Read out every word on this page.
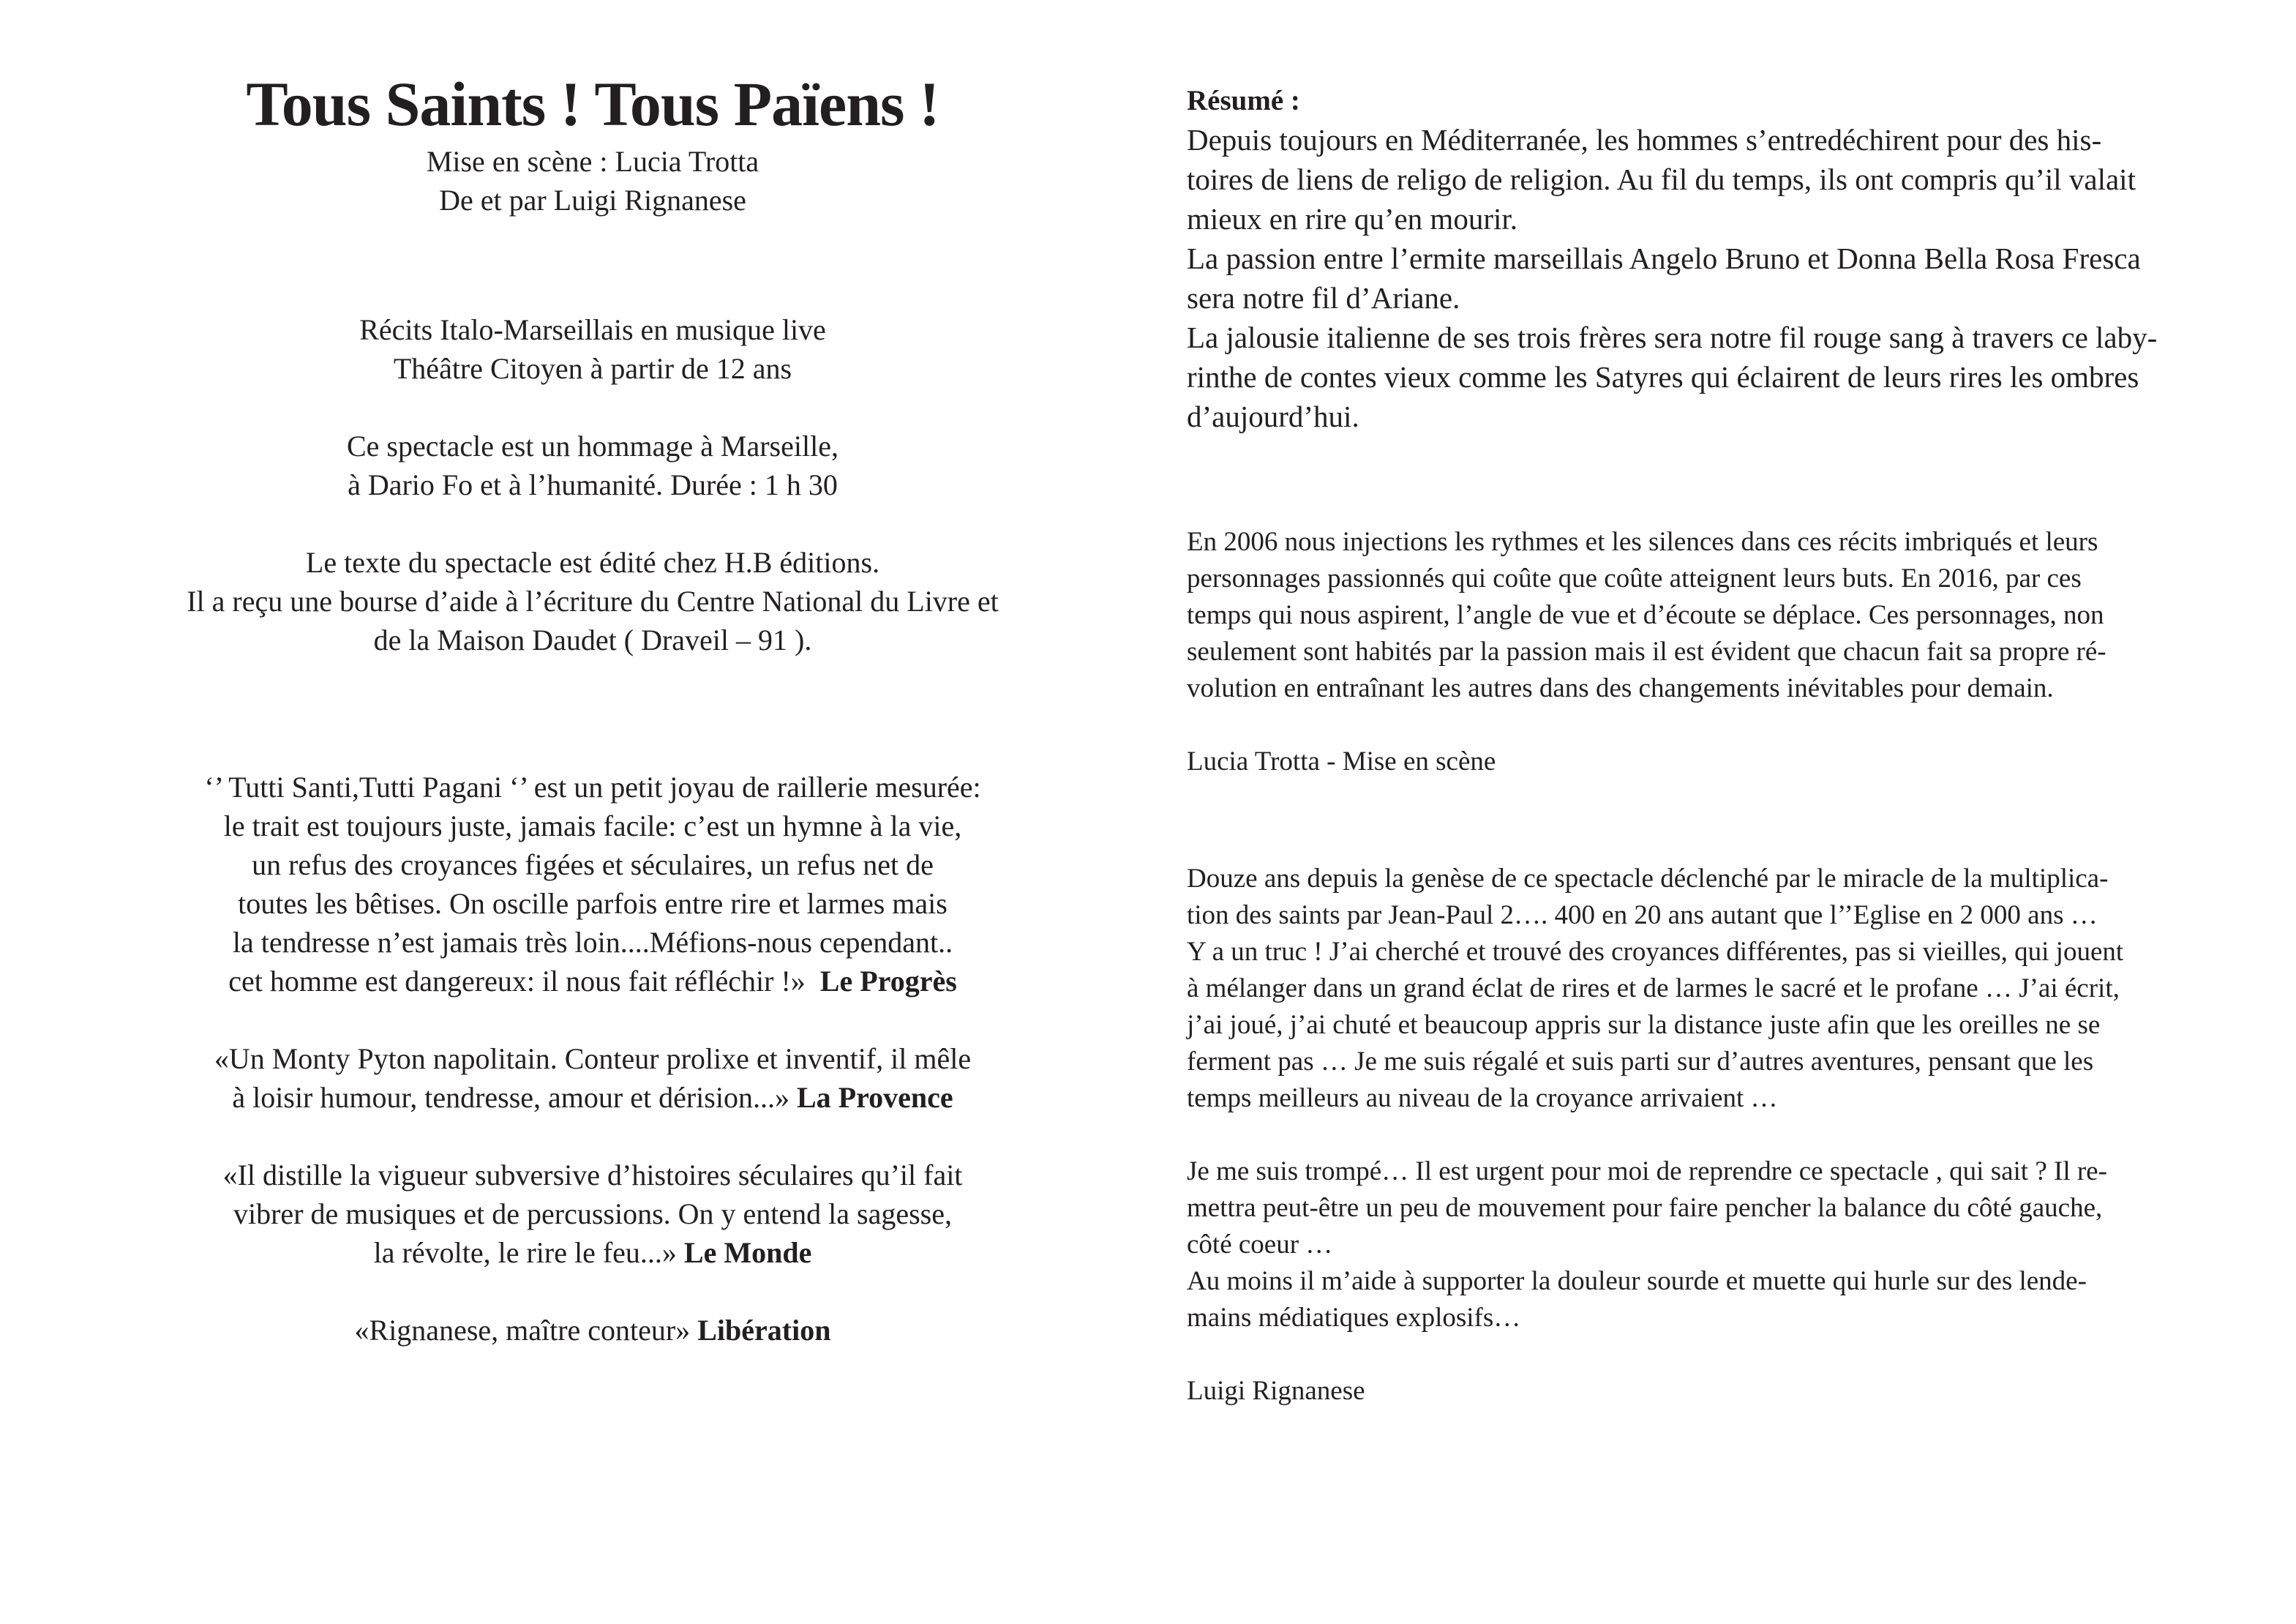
Tous Saints ! Tous Païens !

Mise en scène : Lucia Trotta

De et par Luigi Rignanese

Récits Italo-Marseillais en musique live
Théâtre Citoyen à partir de 12 ans
Ce spectacle est un hommage à Marseille,
à Dario Fo et à l’humanité. Durée : 1 h 30
Le texte du spectacle est édité chez H.B éditions.
Il a reçu une bourse d’aide à l’écriture du Centre National du Livre et
de la Maison Daudet ( Draveil – 91 ).
‘’ Tutti Santi,Tutti Pagani ‘’ est un petit joyau de raillerie mesurée:
le trait est toujours juste, jamais facile: c’est un hymne à la vie,
un refus des croyances figées et séculaires, un refus net de
toutes les bêtises. On oscille parfois entre rire et larmes mais
la tendresse n’est jamais très loin....Méfions-nous cependant..
cet homme est dangereux: il nous fait réfléchir !» Le Progrès
«Un Monty Pyton napolitain. Conteur prolixe et inventif, il mêle
à loisir humour, tendresse, amour et dérision...» La Provence
«Il distille la vigueur subversive d’histoires séculaires qu’il fait
vibrer de musiques et de percussions. On y entend la sagesse,
la révolte, le rire le feu...» Le Monde
«Rignanese, maître conteur» Libération

Résumé :

Depuis toujours en Méditerranée, les hommes s’entredéchirent pour des his-
toires de liens de religo de religion. Au fil du temps, ils ont compris qu’il valait
mieux en rire qu’en mourir.
La passion entre l’ermite marseillais Angelo Bruno et Donna Bella Rosa Fresca
sera notre fil d’Ariane.
La jalousie italienne de ses trois frères sera notre fil rouge sang à travers ce laby-
rinthe de contes vieux comme les Satyres qui éclairent de leurs rires les ombres
d’aujourd’hui.
En 2006 nous injections les rythmes et les silences dans ces récits imbriqués et leurs
personnages passionnés qui coûte que coûte atteignent leurs buts. En 2016, par ces
temps qui nous aspirent, l’angle de vue et d’écoute se déplace. Ces personnages, non
seulement sont habités par la passion mais il est évident que chacun fait sa propre ré-
volution en entraînant les autres dans des changements inévitables pour demain.
Lucia Trotta - Mise en scène
Douze ans depuis la genèse de ce spectacle déclenché par le miracle de la multiplica-
tion des saints par Jean-Paul 2…. 400 en 20 ans autant que l’’Eglise en 2 000 ans …
Y a un truc ! J’ai cherché et trouvé des croyances différentes, pas si vieilles, qui jouent
à mélanger dans un grand éclat de rires et de larmes le sacré et le profane … J’ai écrit,
j’ai joué, j’ai chuté et beaucoup appris sur la distance juste afin que les oreilles ne se
ferment pas … Je me suis régalé et suis parti sur d’autres aventures, pensant que les
temps meilleurs au niveau de la croyance arrivaient …
Je me suis trompé… Il est urgent pour moi de reprendre ce spectacle , qui sait ? Il re-
mettra peut-être un peu de mouvement pour faire pencher la balance du côté gauche,
côté coeur …
Au moins il m’aide à supporter la douleur sourde et muette qui hurle sur des lende-
mains médiatiques explosifs…
Luigi Rignanese
